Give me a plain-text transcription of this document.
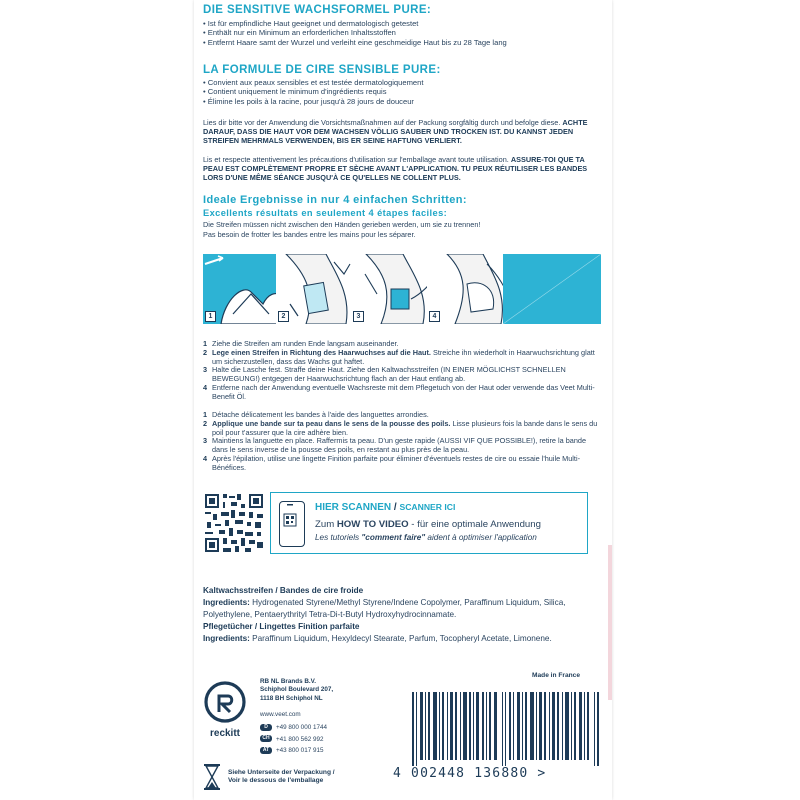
DIE SENSITIVE WACHSFORMEL PURE:
• Ist für empfindliche Haut geeignet und dermatologisch getestet
• Enthält nur ein Minimum an erforderlichen Inhaltsstoffen
• Entfernt Haare samt der Wurzel und verleiht eine geschmeidige Haut bis zu 28 Tage lang
LA FORMULE DE CIRE SENSIBLE PURE:
• Convient aux peaux sensibles et est testée dermatologiquement
• Contient uniquement le minimum d'ingrédients requis
• Élimine les poils à la racine, pour jusqu'à 28 jours de douceur
Lies dir bitte vor der Anwendung die Vorsichtsmaßnahmen auf der Packung sorgfältig durch und befolge diese. ACHTE DARAUF, DASS DIE HAUT VOR DEM WACHSEN VÖLLIG SAUBER UND TROCKEN IST. DU KANNST JEDEN STREIFEN MEHRMALS VERWENDEN, BIS ER SEINE HAFTUNG VERLIERT.
Lis et respecte attentivement les précautions d'utilisation sur l'emballage avant toute utilisation. ASSURE-TOI QUE TA PEAU EST COMPLÈTEMENT PROPRE ET SÈCHE AVANT L'APPLICATION. TU PEUX RÉUTILISER LES BANDES LORS D'UNE MÊME SÉANCE JUSQU'À CE QU'ELLES NE COLLENT PLUS.
Ideale Ergebnisse in nur 4 einfachen Schritten:
Excellents résultats en seulement 4 étapes faciles:
Die Streifen müssen nicht zwischen den Händen gerieben werden, um sie zu trennen!
Pas besoin de frotter les bandes entre les mains pour les séparer.
1	2	3	4
1 Ziehe die Streifen am runden Ende langsam auseinander.
2 Lege einen Streifen in Richtung des Haarwuchses auf die Haut. Streiche ihn wiederholt in Haarwuchsrichtung glatt um sicherzustellen, dass das Wachs gut haftet.
3 Halte die Lasche fest. Straffe deine Haut. Ziehe den Kaltwachsstreifen (IN EINER MÖGLICHST SCHNELLEN BEWEGUNG!) entgegen der Haarwuchsrichtung flach an der Haut entlang ab.
4 Entferne nach der Anwendung eventuelle Wachsreste mit dem Pflegetuch von der Haut oder verwende das Veet Multi-Benefit Öl.
1 Détache délicatement les bandes à l'aide des languettes arrondies.
2 Applique une bande sur ta peau dans le sens de la pousse des poils. Lisse plusieurs fois la bande dans le sens du poil pour t'assurer que la cire adhère bien.
3 Maintiens la languette en place. Raffermis ta peau. D'un geste rapide (AUSSI VIF QUE POSSIBLE!), retire la bande dans le sens inverse de la pousse des poils, en restant au plus près de la peau.
4 Après l'épilation, utilise une lingette Finition parfaite pour éliminer d'éventuels restes de cire ou essaie l'huile Multi-Bénéfices.
HIER SCANNEN / SCANNER ICI
Zum HOW TO VIDEO - für eine optimale Anwendung
Les tutoriels "comment faire" aident à optimiser l'application
Kaltwachsstreifen / Bandes de cire froide
Ingredients: Hydrogenated Styrene/Methyl Styrene/Indene Copolymer, Paraffinum Liquidum, Silica, Polyethylene, Pentaerythrityl Tetra-Di-t-Butyl Hydroxyhydrocinnamate.
Pflegetücher / Lingettes Finition parfaite
Ingredients: Paraffinum Liquidum, Hexyldecyl Stearate, Parfum, Tocopheryl Acetate, Limonene.
reckitt
RB NL Brands B.V.
Schiphol Boulevard 207,
1118 BH Schiphol NL
www.veet.com
D +49 800 000 1744
CH +41 800 562 992
AT +43 800 017 915
Made in France
4 002448 136880 >
Siehe Unterseite der Verpackung /
Voir le dessous de l'emballage
